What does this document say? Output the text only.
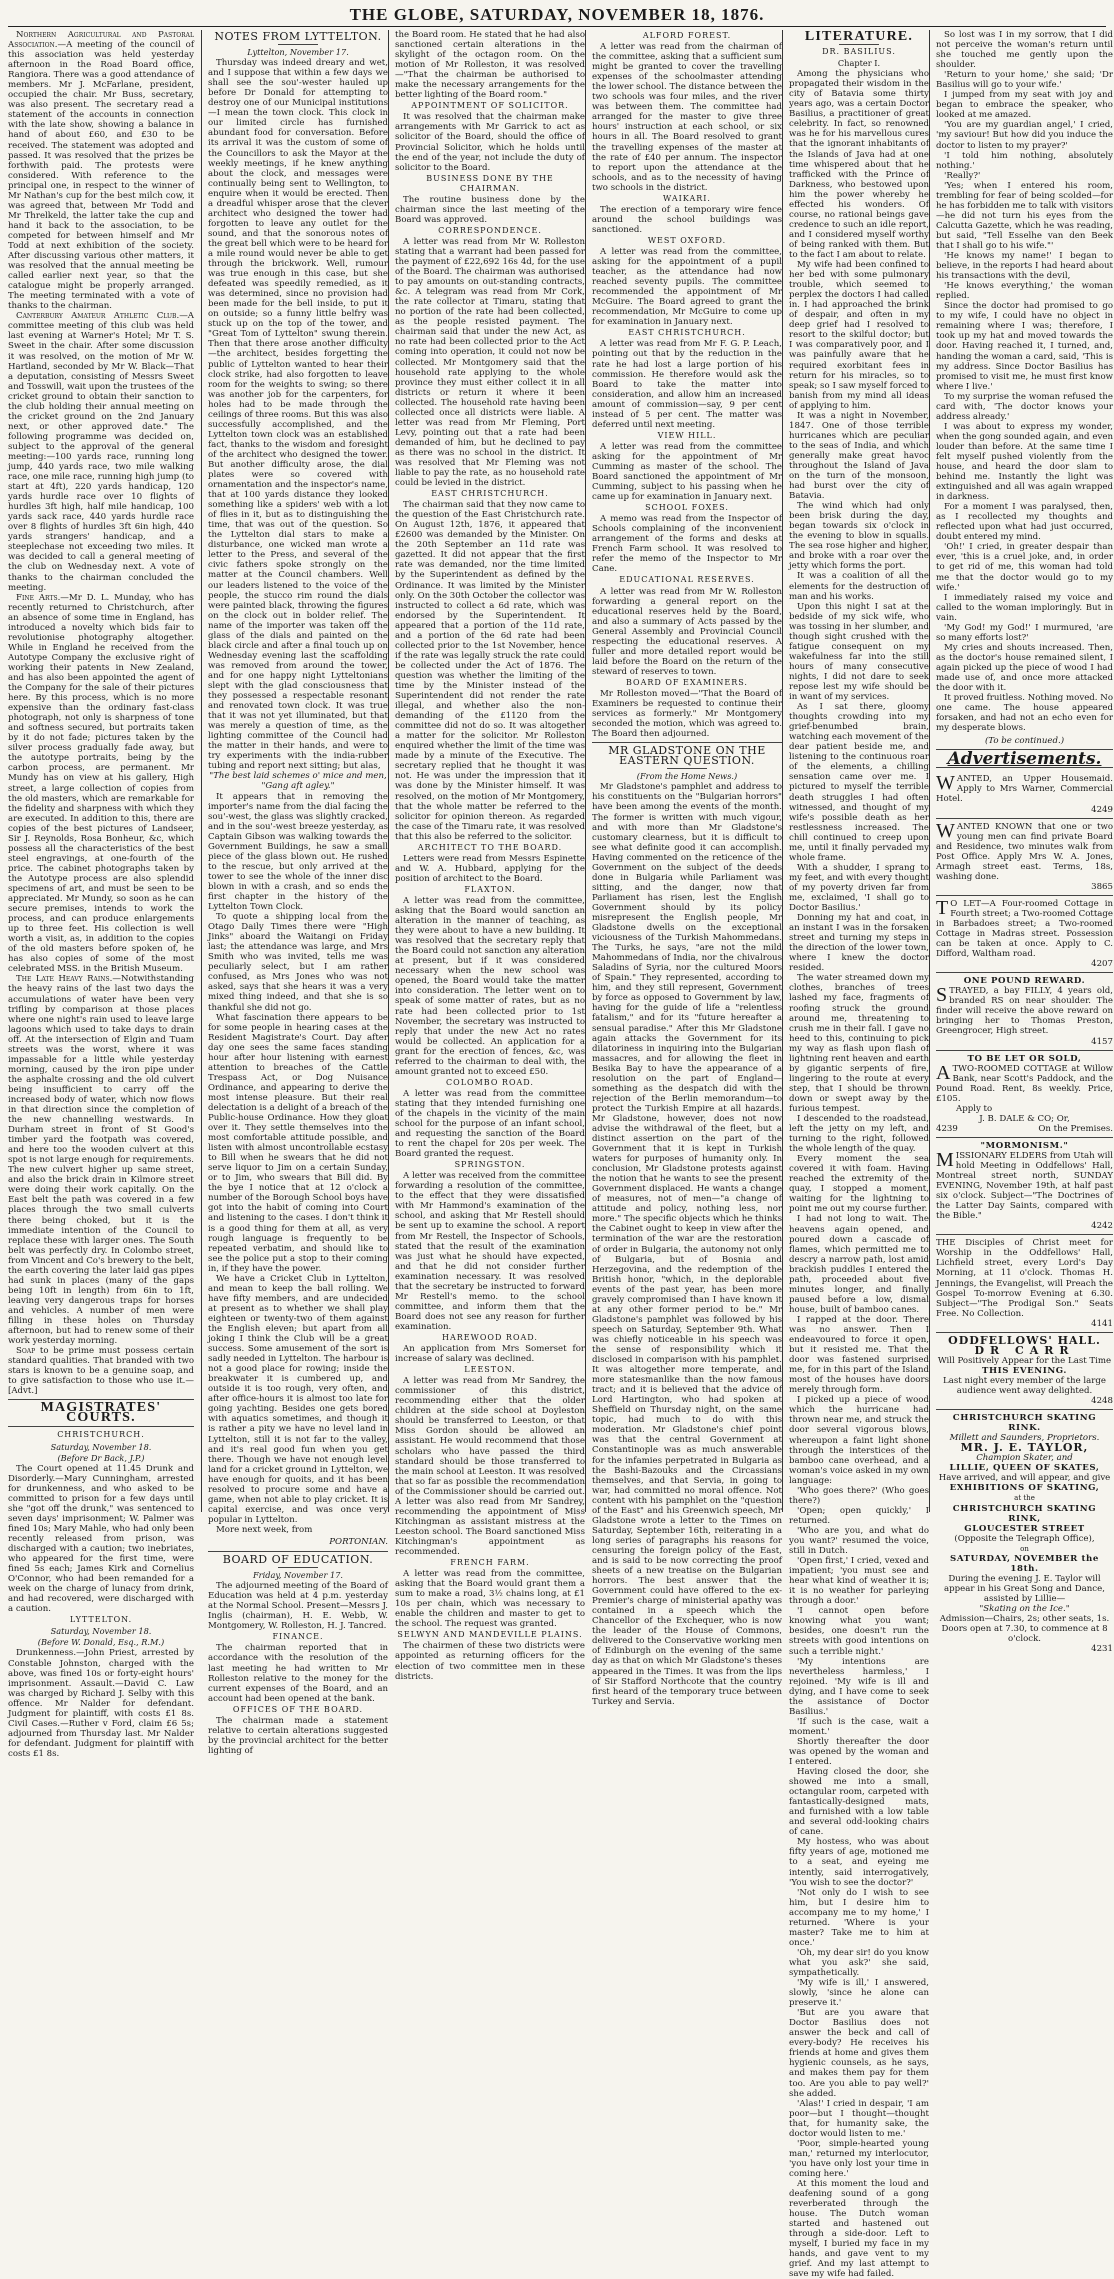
THE GLOBE, SATURDAY, NOVEMBER 18, 1876.

Northern Agricultural and Pastoral Association.—A meeting of the council of this association was held yesterday afternoon in the Road Board office, Rangiora. There was a good attendance of members. Mr J. McFarlane, president, occupied the chair. Mr Buss, secretary, was also present. The secretary read a statement of the accounts in connection with the late show, showing a balance in hand of about £60, and £30 to be received. The statement was adopted and passed. It was resolved that the prizes be forthwith paid. The protests were considered. With reference to the principal one, in respect to the winner of Mr Nathan's cup for the best milch cow, it was agreed that, between Mr Todd and Mr Threlkeld, the latter take the cup and hand it back to the association, to be competed for between himself and Mr Todd at next exhibition of the society. After discussing various other matters, it was resolved that the annual meeting be called earlier next year, so that the catalogue might be properly arranged. The meeting terminated with a vote of thanks to the chairman.

Canterbury Amateur Athletic Club.—A committee meeting of this club was held last evening at Warner's Hotel; Mr T. S. Sweet in the chair. After some discussion it was resolved, on the motion of Mr W. Hartland, seconded by Mr W. Black—That a deputation, consisting of Messrs Sweet and Tosswill, wait upon the trustees of the cricket ground to obtain their sanction to the club holding their annual meeting on the cricket ground on the 2nd January next, or other approved date." The following programme was decided on, subject to the approval of the general meeting:—100 yards race, running long jump, 440 yards race, two mile walking race, one mile race, running high jump (to start at 4ft), 220 yards handicap, 120 yards hurdle race over 10 flights of hurdles 3ft high, half mile handicap, 100 yards sack race, 440 yards hurdle race over 8 flights of hurdles 3ft 6in high, 440 yards strangers' handicap, and a steeplechase not exceeding two miles. It was decided to call a general meeting of the club on Wednesday next. A vote of thanks to the chairman concluded the meeting.

Fine Arts.—Mr D. L. Munday, who has recently returned to Christchurch, after an absence of some time in England, has introduced a novelty which bids fair to revolutionise photography altogether. While in England he received from the Autotype Company the exclusive right of working their patents in New Zealand, and has also been appointed the agent of the Company for the sale of their pictures here. By this process, which is no more expensive than the ordinary fast-class photograph, not only is sharpness of tone and softness secured, but portraits taken by it do not fade; pictures taken by the silver process gradually fade away, but the autotype portraits, being by the carbon process, are permanent. Mr Mundy has on view at his gallery, High street, a large collection of copies from the old masters, which are remarkable for the fidelity and sharpness with which they are executed. In addition to this, there are copies of the best pictures of Landseer, Sir J. Reynolds, Rosa Bonheur, &c, which possess all the characteristics of the best steel engravings, at one-fourth of the price. The cabinet photographs taken by the Autotype process are also splendid specimens of art, and must be seen to be appreciated. Mr Mundy, so soon as he can secure premises, intends to work the process, and can produce enlargements up to three feet. His collection is well worth a visit, as, in addition to the copies of the old masters before spoken of, he has also copies of some of the most celebrated MSS. in the British Museum.

The Late Heavy Rains.—Notwithstanding the heavy rains of the last two days the accumulations of water have been very trifling by comparison at those places where one night's rain used to leave large lagoons which used to take days to drain off. At the intersection of Elgin and Tuam streets was the worst, where it was impassable for a little while yesterday morning, caused by the iron pipe under the asphalte crossing and the old culvert being insufficient to carry off the increased body of water, which now flows in that direction since the completion of the new channelling westwards. In Durham street in front of St Good's timber yard the footpath was covered, and here too the wooden culvert at this spot is not large enough for requirements. The new culvert higher up same street, and also the brick drain in Kilmore street were doing their work capitally. On the East belt the path was covered in a few places through the two small culverts there being choked, but it is the immediate intention of the Council to replace these with larger ones. The South belt was perfectly dry. In Colombo street, from Vincent and Co's brewery to the belt, the earth covering the later laid gas pipes had sunk in places (many of the gaps being 10ft in length) from 6in to 1ft, leaving very dangerous traps for horses and vehicles. A number of men were filling in these holes on Thursday afternoon, but had to renew some of their work yesterday morning.

Soap to be prime must possess certain standard qualities. That branded with two stars is known to be a genuine soap, and to give satisfaction to those who use it.—[Advt.]

MAGISTRATES' COURTS.
CHRISTCHURCH.
Saturday, November 18.
(Before Dr Back, J.P.)

The Court opened at 11.45 Drunk and Disorderly.—Mary Cunningham, arrested for drunkenness, and who asked to be committed to prison for a few days until she "got off the drunk," was sentenced to seven days' imprisonment; W. Palmer was fined 10s; Mary Mahle, who had only been recently released from prison, was discharged with a caution; two inebriates, who appeared for the first time, were fined 5s each; James Kirk and Cornelius O'Connor, who had been remanded for a week on the charge of lunacy from drink, and had recovered, were discharged with a caution.

LYTTELTON.
Saturday, November 18.
(Before W. Donald, Esq., R.M.)

Drunkenness.—John Priest, arrested by Constable Johnston, charged with the above, was fined 10s or forty-eight hours' imprisonment. Assault.—David C. Law was charged by Richard J. Selby with this offence. Mr Nalder for defendant. Judgment for plaintiff, with costs £1 8s. Civil Cases.—Ruther v Ford, claim £6 5s; adjourned from Thursday last. Mr Nalder for defendant. Judgment for plaintiff with costs £1 8s.

NOTES FROM LYTTELTON.
Lyttelton, November 17.

Thursday was indeed dreary and wet, and I suppose that within a few days we shall see the sou'-wester hauled up before Dr Donald for attempting to destroy one of our Municipal institutions—I mean the town clock. This clock in our limited circle has furnished abundant food for conversation. Before its arrival it was the custom of some of the Councillors to ask the Mayor at the weekly meetings, if he knew anything about the clock, and messages were continually being sent to Wellington, to enquire when it would be erected. Then a dreadful whisper arose that the clever architect who designed the tower had forgotten to leave any outlet for the sound, and that the sonorous notes of the great bell which were to be heard for a mile round would never be able to get through the brickwork. Well, rumour was true enough in this case, but she defeated was speedily remedied, as it was determined, since no provision had been made for the bell inside, to put it on outside; so a funny little belfry was stuck up on the top of the tower, and "Great Tom of Lyttelton" swung therein. Then that there arose another difficulty—the architect, besides forgetting the public of Lyttelton wanted to hear their clock strike, had also forgotten to leave room for the weights to swing; so there was another job for the carpenters, for holes had to be made through the ceilings of three rooms. But this was also successfully accomplished, and the Lyttelton town clock was an established fact, thanks to the wisdom and foresight of the architect who designed the tower. But another difficulty arose, the dial plates were so covered with ornamentation and the inspector's name, that at 100 yards distance they looked something like a spiders' web with a lot of flies in it, but as to distinguishing the time, that was out of the question. So the Lyttelton dial stars to make a disturbance, one wicked man wrote a letter to the Press, and several of the civic fathers spoke strongly on the matter at the Council chambers. Well our leaders listened to the voice of the people, the stucco rim round the dials were painted black, throwing the figures on the clock out in bolder relief. The name of the importer was taken off the glass of the dials and painted on the black circle and after a final touch up on Wednesday evening last the scaffolding was removed from around the tower, and for one happy night Lytteltonians slept with the glad consciousness that they possessed a respectable resonant and renovated town clock. It was true that it was not yet illuminated, but that was merely a question of time, as the lighting committee of the Council had the matter in their hands, and were to try experiments with the india-rubber tubing and report next sitting; but alas,

"The best laid schemes o' mice and men,

"Gang aft agley."

It appears that in removing the importer's name from the dial facing the sou'-west, the glass was slightly cracked, and in the sou'-west breeze yesterday, as Captain Gibson was walking towards the Government Buildings, he saw a small piece of the glass blown out. He rushed to the rescue, but only arrived at the tower to see the whole of the inner disc blown in with a crash, and so ends the first chapter in the history of the Lyttelton Town Clock.

To quote a shipping local from the Otago Daily Times there were "High Jinks" aboard the Waitangi on Friday last; the attendance was large, and Mrs Smith who was invited, tells me was peculiarly select, but I am rather confused, as Mrs Jones who was not asked, says that she hears it was a very mixed thing indeed, and that she is so thankful she did not go.

What fascination there appears to be for some people in hearing cases at the Resident Magistrate's Court. Day after day one sees the same faces standing hour after hour listening with earnest attention to breaches of the Cattle Trespass Act, or Dog Nuisance Ordinance, and appearing to derive the most intense pleasure. But their real delectation is a delight of a breach of the Public-house Ordinance. How they gloat over it. They settle themselves into the most comfortable attitude possible, and listen with almost uncontrollable ecstasy to Bill when he swears that he did not serve liquor to Jim on a certain Sunday, or to Jim, who swears that Bill did. By the bye I notice that at 12 o'clock a number of the Borough School boys have got into the habit of coming into Court and listening to the cases. I don't think it is a good thing for them at all, as very rough language is frequently to be repeated verbatim, and should like to see the police put a stop to their coming in, if they have the power.

We have a Cricket Club in Lyttelton, and mean to keep the ball rolling. We have fifty members, and are undecided at present as to whether we shall play eighteen or twenty-two of them against the English eleven; but apart from all joking I think the Club will be a great success. Some amusement of the sort is sadly needed in Lyttelton. The harbour is not a good place for rowing; inside the breakwater it is cumbered up, and outside it is too rough, very often, and after office-hours it is almost too late for going yachting. Besides one gets bored with aquatics sometimes, and though it is rather a pity we have no level land in Lyttelton, still it is not far to the valley, and it's real good fun when you get there. Though we have not enough level land for a cricket ground in Lyttelton, we have enough for quoits, and it has been resolved to procure some and have a game, when not able to play cricket. It is capital exercise, and was once very popular in Lyttelton.

More next week, from

PORTONIAN.
BOARD OF EDUCATION.
Friday, November 17.

The adjourned meeting of the Board of Education was held at 4 p.m. yesterday at the Normal School. Present—Messrs J. Inglis (chairman), H. E. Webb, W. Montgomery, W. Rolleston, H. J. Tancred.

FINANCE.

The chairman reported that in accordance with the resolution of the last meeting he had written to Mr Rolleston relative to the money for the current expenses of the Board, and an account had been opened at the bank.

OFFICES OF THE BOARD.

The chairman made a statement relative to certain alterations suggested by the provincial architect for the better lighting of

the Board room. He stated that he had also sanctioned certain alterations in the skylight of the octagon room. On the motion of Mr Rolleston, it was resolved—"That the chairman be authorised to make the necessary arrangements for the better lighting of the Board room."

APPOINTMENT OF SOLICITOR.

It was resolved that the chairman make arrangements with Mr Garrick to act as solicitor of the Board, should the office of Provincial Solicitor, which he holds until the end of the year, not include the duty of solicitor to the Board.

BUSINESS DONE BY THE CHAIRMAN.

The routine business done by the chairman since the last meeting of the Board was approved.

CORRESPONDENCE.

A letter was read from Mr W. Rolleston stating that a warrant had been passed for the payment of £22,692 16s 4d, for the use of the Board. The chairman was authorised to pay amounts on out-standing contracts, &c. A telegram was read from Mr Cork, the rate collector at Timaru, stating that no portion of the rate had been collected, as the people resisted payment. The chairman said that under the new Act, as no rate had been collected prior to the Act coming into operation, it could not now be collected. Mr Montgomery said that the household rate applying to the whole province they must either collect it in all districts or return it where it been collected. The household rate having been collected once all districts were liable. A letter was read from Mr Fleming, Port Levy, pointing out that a rate had been demanded of him, but he declined to pay as there was no school in the district. It was resolved that Mr Fleming was not liable to pay the rate, as no household rate could be levied in the district.

EAST CHRISTCHURCH.

The chairman said that they now came to the question of the East Christchurch rate. On August 12th, 1876, it appeared that £2600 was demanded by the Minister. On the 20th September an 11d rate was gazetted. It did not appear that the first rate was demanded, nor the time limited by the Superintendent as defined by the Ordinance. It was limited by the Minister only. On the 30th October the collector was instructed to collect a 6d rate, which was endorsed by the Superintendent. It appeared that a portion of the 11d rate, and a portion of the 6d rate had been collected prior to the 1st November, hence if the rate was legally struck the rate could be collected under the Act of 1876. The question was whether the limiting of the time by the Minister instead of the Superintendent did not render the rate illegal, and whether also the non-demanding of the £1120 from the committee did not do so. It was altogether a matter for the solicitor. Mr Rolleston enquired whether the limit of the time was made by a minute of the Executive. The secretary replied that he thought it was not. He was under the impression that it was done by the Minister himself. It was resolved, on the motion of Mr Montgomery, that the whole matter be referred to the solicitor for opinion thereon. As regarded the case of the Timaru rate, it was resolved that this also be referred to the solicitor.

ARCHITECT TO THE BOARD.

Letters were read from Messrs Espinette and W. A. Hubbard, applying for the position of architect to the Board.

FLAXTON.

A letter was read from the committee, asking that the Board would sanction an alteration in the manner of teaching, as they were about to have a new building. It was resolved that the secretary reply that the Board could not sanction any alteration at present, but if it was considered necessary when the new school was opened, the Board would take the matter into consideration. The letter went on to speak of some matter of rates, but as no rate had been collected prior to 1st November, the secretary was instructed to reply that under the new Act no rates would be collected. An application for a grant for the erection of fences, &c, was referred to the chairman to deal with, the amount granted not to exceed £50.

COLOMBO ROAD.

A letter was read from the committee stating that they intended furnishing one of the chapels in the vicinity of the main school for the purpose of an infant school, and requesting the sanction of the Board to rent the chapel for 20s per week. The Board granted the request.

SPRINGSTON.

A letter was received from the committee forwarding a resolution of the committee, to the effect that they were dissatisfied with Mr Hammond's examination of the school, and asking that Mr Restell should be sent up to examine the school. A report from Mr Restell, the Inspector of Schools, stated that the result of the examination was just what he should have expected, and that he did not consider further examination necessary. It was resolved that the secretary be instructed to forward Mr Restell's memo. to the school committee, and inform them that the Board does not see any reason for further examination.

HAREWOOD ROAD.

An application from Mrs Somerset for increase of salary was declined.

LEESTON.

A letter was read from Mr Sandrey, the commissioner of this district, recommending either that the older children at the side school at Doyleston should be transferred to Leeston, or that Miss Gordon should be allowed an assistant. He would recommend that those scholars who have passed the third standard should be those transferred to the main school at Leeston. It was resolved that so far as possible the recommendation of the Commissioner should be carried out. A letter was also read from Mr Sandrey, recommending the appointment of Miss Kitchingman as assistant mistress at the Leeston school. The Board sanctioned Miss Kitchingman's appointment as recommended.

FRENCH FARM.

A letter was read from the committee, asking that the Board would grant them a sum to make a road, 3½ chains long, at £1 10s per chain, which was necessary to enable the children and master to get to the school. The request was granted.

SELWYN AND MANDEVILLE PLAINS.

The chairmen of these two districts were appointed as returning officers for the election of two committee men in these districts.

ALFORD FOREST.

A letter was read from the chairman of the committee, asking that a sufficient sum might be granted to cover the travelling expenses of the schoolmaster attending the lower school. The distance between the two schools was four miles, and the river was between them. The committee had arranged for the master to give three hours' instruction at each school, or six hours in all. The Board resolved to grant the travelling expenses of the master at the rate of £40 per annum. The inspector to report upon the attendance at the schools, and as to the necessity of having two schools in the district.

WAIKARI.

The erection of a temporary wire fence around the school buildings was sanctioned.

WEST OXFORD.

A letter was read from the committee, asking for the appointment of a pupil teacher, as the attendance had now reached seventy pupils. The committee recommended the appointment of Mr McGuire. The Board agreed to grant the recommendation, Mr McGuire to come up for examination in January next.

EAST CHRISTCHURCH.

A letter was read from Mr F. G. P. Leach, pointing out that by the reduction in the rate he had lost a large portion of his commission. He therefore would ask the Board to take the matter into consideration, and allow him an increased amount of commission—say, 9 per cent instead of 5 per cent. The matter was deferred until next meeting.

VIEW HILL.

A letter was read from the committee asking for the appointment of Mr Cumming as master of the school. The Board sanctioned the appointment of Mr Cumming, subject to his passing when he came up for examination in January next.

SCHOOL FOXES.

A memo was read from the Inspector of Schools complaining of the inconvenient arrangement of the forms and desks at French Farm school. It was resolved to refer the memo of the Inspector to Mr Cane.

EDUCATIONAL RESERVES.

A letter was read from Mr W. Rolleston forwarding a general report on the educational reserves held by the Board, and also a summary of Acts passed by the General Assembly and Provincial Council respecting the educational reserves. A fuller and more detailed report would be laid before the Board on the return of the steward of reserves to town.

BOARD OF EXAMINERS.

Mr Rolleston moved—"That the Board of Examiners be requested to continue their services as formerly." Mr Montgomery seconded the motion, which was agreed to. The Board then adjourned.

MR GLADSTONE ON THE EASTERN QUESTION.
(From the Home News.)

Mr Gladstone's pamphlet and address to his constituents on the "Bulgarian horrors" have been among the events of the month. The former is written with much vigour, and with more than Mr Gladstone's customary clearness, but it is difficult to see what definite good it can accomplish. Having commented on the reticence of the Government on the subject of the deeds done in Bulgaria while Parliament was sitting, and the danger, now that Parliament has risen, lest the English Government should by its policy misrepresent the English people, Mr Gladstone dwells on the exceptional viciousness of the Turkish Mahommedans. The Turks, he says, "are not the mild Mahommedans of India, nor the chivalrous Saladins of Syria, nor the cultured Moors of Spain." They represented, according to him, and they still represent, Government by force as opposed to Government by law, having for the guide of life a "relentless fatalism," and for its "future hereafter a sensual paradise." After this Mr Gladstone again attacks the Government for its dilatoriness in inquiring into the Bulgarian massacres, and for allowing the fleet in Besika Bay to have the appearance of a resolution on the part of England—something as the despatch did with the rejection of the Berlin memorandum—to protect the Turkish Empire at all hazards. Mr Gladstone, however, does not now advise the withdrawal of the fleet, but a distinct assertion on the part of the Government that it is kept in Turkish waters for purposes of humanity only. In conclusion, Mr Gladstone protests against the notion that he wants to see the present Government displaced. He wants a change of measures, not of men—"a change of attitude and policy, nothing less, nor more." The specific objects which he thinks the Cabinet ought to keep in view after the termination of the war are the restoration of order in Bulgaria, the autonomy not only of Bulgaria, but of Bosnia and Herzegovina, and the redemption of the British honor, "which, in the deplorable events of the past year, has been more gravely compromised than I have known it at any other former period to be." Mr Gladstone's pamphlet was followed by his speech on Saturday, September 9th. What was chiefly noticeable in his speech was the sense of responsibility which it disclosed in comparison with his pamphlet. It was altogether more temperate, and more statesmanlike than the now famous tract; and it is believed that the advice of Lord Hartington, who had spoken at Sheffield on Thursday night, on the same topic, had much to do with this moderation. Mr Gladstone's chief point was that the central Government at Constantinople was as much answerable for the infamies perpetrated in Bulgaria as the Bashi-Bazouks and the Circassians themselves, and that Servia, in going to war, had committed no moral offence. Not content with his pamphlet on the "question of the East" and his Greenwich speech, Mr Gladstone wrote a letter to the Times on Saturday, September 16th, reiterating in a long series of paragraphs his reasons for censuring the foreign policy of the East, and is said to be now correcting the proof sheets of a new treatise on the Bulgarian horrors. The best answer that the Government could have offered to the ex-Premier's charge of ministerial apathy was contained in a speech which the Chancellor of the Exchequer, who is now the leader of the House of Commons, delivered to the Conservative working men of Edinburgh on the evening of the same day as that on which Mr Gladstone's theses appeared in the Times. It was from the lips of Sir Stafford Northcote that the country first heard of the temporary truce between Turkey and Servia.

LITERATURE.
DR. BASILIUS.
Chapter I.

Among the physicians who propagated their wisdom in the city of Batavia some thirty years ago, was a certain Doctor Basilius, a practitioner of great celebrity. In fact, so renowned was he for his marvellous cures that the ignorant inhabitants of the Islands of Java had at one time whispered about that he trafficked with the Prince of Darkness, who bestowed upon him the power whereby he effected his wonders. Of course, no rational beings gave credence to such an idle report, and I considered myself worthy of being ranked with them. But to the fact I am about to relate.

My wife had been confined to her bed with some pulmonary trouble, which seemed to perplex the doctors I had called in. I had approached the brink of despair, and often in my deep grief had I resolved to resort to the skilful doctor; but I was comparatively poor, and I was painfully aware that he required exorbitant fees in return for his miracles, so to speak; so I saw myself forced to banish from my mind all ideas of applying to him.

It was a night in November, 1847. One of those terrible hurricanes which are peculiar to the seas of India, and which generally make great havoc throughout the Island of Java on the turn of the monsoon, had burst over the city of Batavia.

The wind which had only been brisk during the day, began towards six o'clock in the evening to blow in squalls. The sea rose higher and higher, and broke with a roar over the jetty which forms the port.

It was a coalition of all the elements for the destruction of man and his works.

Upon this night I sat at the bedside of my sick wife, who was tossing in her slumber, and though sight crushed with the fatigue consequent on my wakefulness far into the still hours of many consecutive nights, I did not dare to seek repose lest my wife should be in want of my services.

As I sat there, gloomy thoughts crowding into my grief-benumbed brain, watching each movement of the dear patient beside me, and listening to the continuous roar of the elements, a chilling sensation came over me. I pictured to myself the terrible death struggles I had often witnessed, and thought of my wife's possible death as her restlessness increased. The chill continued to creep upon me, until it finally pervaded my whole frame.

With a shudder, I sprang to my feet, and with every thought of my poverty driven far from me, exclaimed, 'I shall go to Doctor Basilius.'

Donning my hat and coat, in an instant I was in the forsaken street and turning my steps in the direction of the lower town, where I knew the doctor resided.

The water streamed down my clothes, branches of trees lashed my face, fragments of roofing struck the ground around me, threatening to crush me in their fall. I gave no heed to this, continuing to pick my way as flash upon flash of lightning rent heaven and earth by gigantic serpents of fire, lingering to the route at every step, that I should be thrown down or swept away by the furious tempest.

I descended to the roadstead, left the jetty on my left, and turning to the right, followed the whole length of the quay.

Every moment the sea covered it with foam. Having reached the extremity of the quay, I stopped a moment, waiting for the lightning to point me out my course further.

I had not long to wait. The heavens again opened, and poured down a cascade of flames, which permitted me to descry a narrow path, lost amid brackish puddles I entered the path, proceeded about five minutes longer, and finally paused before a low, dismal house, built of bamboo canes.

I rapped at the door. There was no answer. Then I endeavoured to force it open, but it resisted me. That the door was fastened surprised me, for in this part of the Island most of the houses have doors merely through form.

I picked up a piece of wood which the hurricane had thrown near me, and struck the door several vigorous blows, whereupon a faint light shone through the interstices of the bamboo cane overhead, and a woman's voice asked in my own language:

'Who goes there?' (Who goes there?)

'Open; open quickly,' I returned.

'Who are you, and what do you want?' resumed the voice, still in Dutch.

'Open first,' I cried, vexed and impatient; 'you must see and hear what kind of weather it is; it is no weather for parleying through a door.'

'I cannot open before knowing what you want; besides, one doesn't run the streets with good intentions on such a terrible night.'

'My intentions are nevertheless harmless,' I rejoined. 'My wife is ill and dying, and I have come to seek the assistance of Doctor Basilius.'

'If such is the case, wait a moment.'

Shortly thereafter the door was opened by the woman and I entered.

Having closed the door, she showed me into a small, octangular room, carpeted with fantastically-designed mats, and furnished with a low table and several odd-looking chairs of cane.

My hostess, who was about fifty years of age, motioned me to a seat, and eyeing me intently, said interrogatively, 'You wish to see the doctor?'

'Not only do I wish to see him, but I desire him to accompany me to my home,' I returned. 'Where is your master? Take me to him at once.'

'Oh, my dear sir! do you know what you ask?' she said, sympathetically.

'My wife is ill,' I answered, slowly, 'since he alone can preserve it.'

'But are you aware that Doctor Basilius does not answer the beck and call of every-body? He receives his friends at home and gives them hygienic counsels, as he says, and makes them pay for them too. Are you able to pay well?' she added.

'Alas!' I cried in despair, 'I am poor—but I thought—thought that, for humanity sake, the doctor would listen to me.'

'Poor, simple-hearted young man,' returned my interlocutor, 'you have only lost your time in coming here.'

At this moment the loud and deafening sound of a gong reverberated through the house. The Dutch woman started and hastened out through a side-door. Left to myself, I buried my face in my hands, and gave vent to my grief. And my last attempt to save my wife had failed.

So lost was I in my sorrow, that I did not perceive the woman's return until she touched me gently upon the shoulder.

'Return to your home,' she said; 'Dr Basilius will go to your wife.'

I jumped from my seat with joy and began to embrace the speaker, who looked at me amazed.

'You are my guardian angel,' I cried, 'my saviour! But how did you induce the doctor to listen to my prayer?'

'I told him nothing, absolutely nothing.'

'Really?'

'Yes; when I entered his room, trembling for fear of being scolded—for he has forbidden me to talk with visitors—he did not turn his eyes from the Calcutta Gazette, which he was reading, but said, "Tell Esselhe van den Beek that I shall go to his wife."'

'He knows my name!' I began to believe, in the reports I had heard about his transactions with the devil,

'He knows everything,' the woman replied.

Since the doctor had promised to go to my wife, I could have no object in remaining where I was; therefore, I took up my hat and moved towards the door. Having reached it, I turned, and, handing the woman a card, said, 'This is my address. Since Doctor Basilius has promised to visit me, he must first know where I live.'

To my surprise the woman refused the card with, 'The doctor knows your address already.'

I was about to express my wonder, when the gong sounded again, and even louder than before. At the same time I felt myself pushed violently from the house, and heard the door slam to behind me. Instantly the light was extinguished and all was again wrapped in darkness.

For a moment I was paralysed, then, as I recollected my thoughts and reflected upon what had just occurred, doubt entered my mind.

'Oh!' I cried, in greater despair than ever, 'this is a cruel joke, and, in order to get rid of me, this woman had told me that the doctor would go to my wife.'

I immediately raised my voice and called to the woman imploringly. But in vain.

'My God! my God!' I murmured, 'are so many efforts lost?'

My cries and shouts increased. Then, as the doctor's house remained silent, I again picked up the piece of wood I had made use of, and once more attacked the door with it.

It proved fruitless. Nothing moved. No one came. The house appeared forsaken, and had not an echo even for my desperate blows.

(To be continued.)

Advertisements.
W ANTED, an Upper Housemaid. Apply to Mrs Warner, Commercial Hotel.
4249
W ANTED KNOWN that one or two young men can find private Board and Residence, two minutes walk from Post Office. Apply Mrs W. A. Jones, Armagh street east. Terms, 18s, washing done.
3865
T O LET—A Four-roomed Cottage in Fourth street; a Two-roomed Cottage in Barbadoes street; a Two-roomed Cottage in Madras street. Possession can be taken at once. Apply to C. Difford, Waltham road.
4207
ONE POUND REWARD.
S TRAYED, a bay FILLY, 4 years old, branded RS on near shoulder. The finder will receive the above reward on bringing her to Thomas Preston, Greengrocer, High street.
4157
TO BE LET OR SOLD,
A TWO-ROOMED COTTAGE at Willow Bank, near Scott's Paddock, and the Pound Road. Rent, 8s weekly. Price, £105.
Apply to
J. B. DALE & CO; Or,
4239	On the Premises.
"MORMONISM."
M ISSIONARY ELDERS from Utah will hold Meeting in Oddfellows' Hall, Montreal street north, SUNDAY EVENING, November 19th, at half past six o'clock. Subject—"The Doctrines of the Latter Day Saints, compared with the Bible."
4242
THE Disciples of Christ meet for Worship in the Oddfellows' Hall, Lichfield street, every Lord's Day Morning, at 11 o'clock. Thomas H. Jennings, the Evangelist, will Preach the Gospel To-morrow Evening at 6.30. Subject—"The Prodigal Son." Seats Free. No Collection.
4141
ODDFELLOWS' HALL.
DR CARR
Will Positively Appear for the Last Time
THIS EVENING.
Last night every member of the large audience went away delighted.
4248
CHRISTCHURCH SKATING RINK.
Millett and Saunders, Proprietors.
MR. J. E. TAYLOR,
Champion Skater, and
LILLIE, QUEEN OF SKATES,
Have arrived, and will appear, and give
EXHIBITIONS OF SKATING,
at the
CHRISTCHURCH SKATING RINK,
GLOUCESTER STREET
(Opposite the Telegraph Office),
on
SATURDAY, NOVEMBER the 18th.
During the evening J. E. Taylor will appear in his Great Song and Dance, assisted by Lillie—
"Skating on the Ice."
Admission—Chairs, 2s; other seats, 1s.
Doors open at 7.30, to commence at 8 o'clock.
4231
